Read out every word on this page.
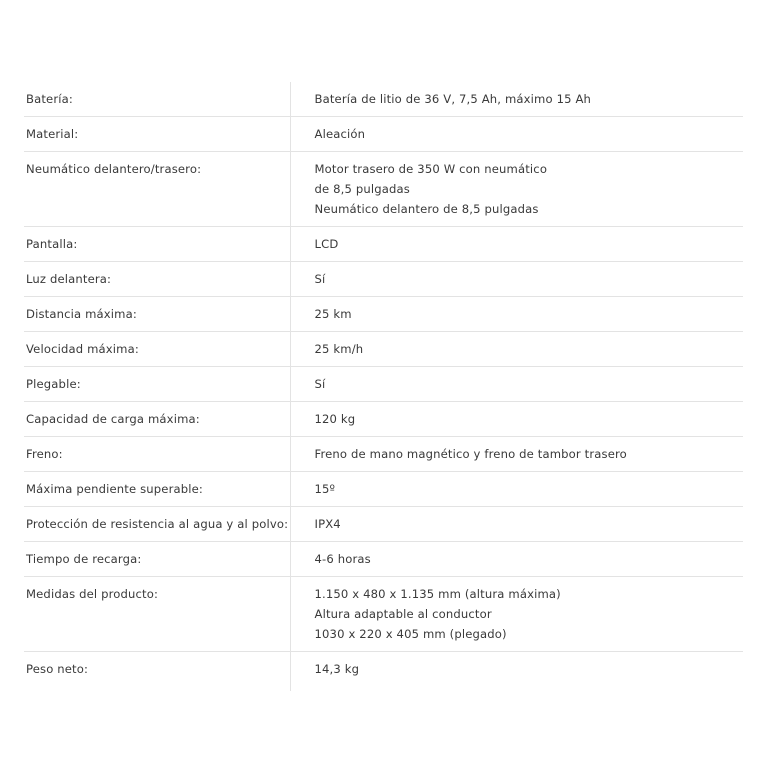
Batería:	Batería de litio de 36 V, 7,5 Ah, máximo 15 Ah

Material:	Aleación

Neumático delantero/trasero:	Motor trasero de 350 W con neumático
de 8,5 pulgadas
Neumático delantero de 8,5 pulgadas

Pantalla:	LCD

Luz delantera:	Sí

Distancia máxima:	25 km

Velocidad máxima:	25 km/h

Plegable:	Sí

Capacidad de carga máxima:	120 kg

Freno:	Freno de mano magnético y freno de tambor trasero

Máxima pendiente superable:	15º

Protección de resistencia al agua y al polvo:	IPX4

Tiempo de recarga:	4-6 horas

Medidas del producto:	1.150 x 480 x 1.135 mm (altura máxima)
Altura adaptable al conductor
1030 x 220 x 405 mm (plegado)

Peso neto:	14,3 kg
